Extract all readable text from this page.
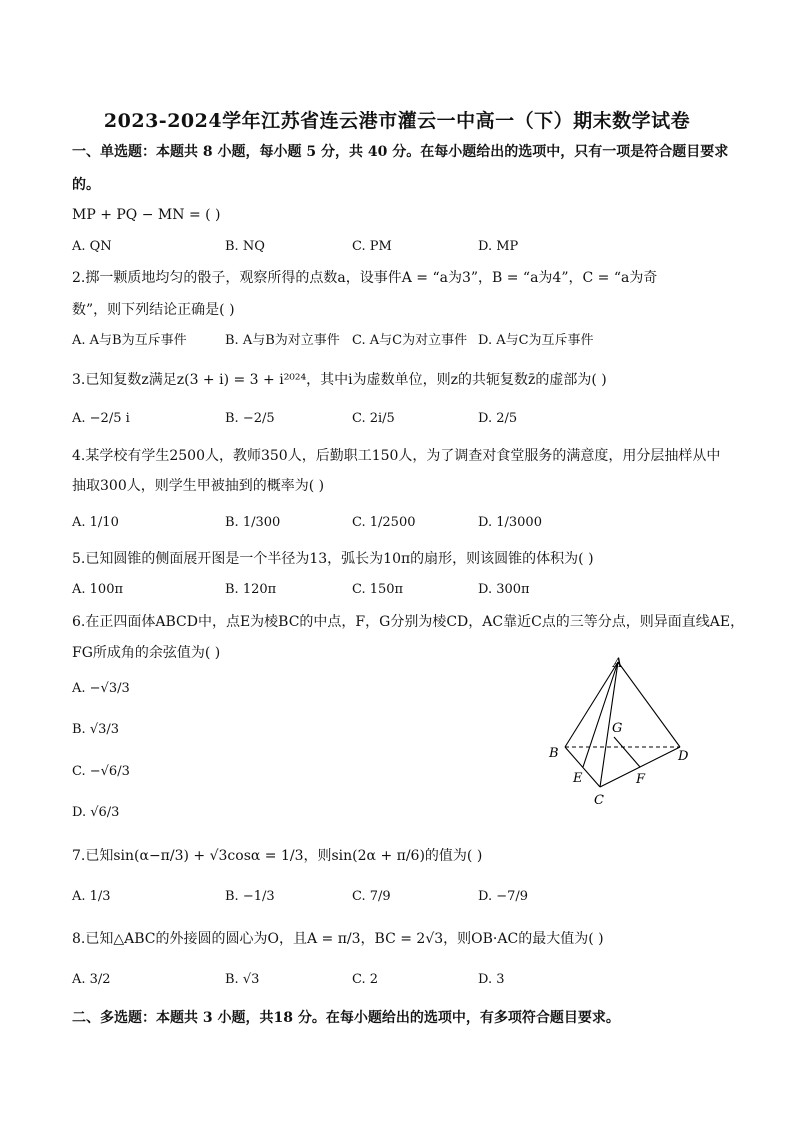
2023-2024学年江苏省连云港市灌云一中高一（下）期末数学试卷
一、单选题：本题共 8 小题，每小题 5 分，共 40 分。在每小题给出的选项中，只有一项是符合题目要求
的。
MP + PQ − MN = ( )
A. QN	B. NQ	C. PM	D. MP
2.掷一颗质地均匀的骰子，观察所得的点数a，设事件A = “a为3”，B = “a为4”，C = “a为奇
数”，则下列结论正确是( )
A. A与B为互斥事件	B. A与B为对立事件 C. A与C为对立事件 D. A与C为互斥事件
3.已知复数z满足z(3 + i) = 3 + i²⁰²⁴，其中i为虚数单位，则z的共轭复数z̄的虚部为( )
A. −2/5 i	B. −2/5	C. 2i/5	D. 2/5
4.某学校有学生2500人，教师350人，后勤职工150人，为了调查对食堂服务的满意度，用分层抽样从中
抽取300人，则学生甲被抽到的概率为( )
A. 1/10	B. 1/300	C. 1/2500	D. 1/3000
5.已知圆锥的侧面展开图是一个半径为13，弧长为10π的扇形，则该圆锥的体积为( )
A. 100π	B. 120π	C. 150π	D. 300π
6.在正四面体ABCD中，点E为棱BC的中点，F，G分别为棱CD，AC靠近C点的三等分点，则异面直线AE，
FG所成角的余弦值为( )
A. −√3/3
B. √3/3
C. −√6/3
D. √6/3
A
B
C
D
E	F
G
7.已知sin(α−π/3) + √3cosα = 1/3，则sin(2α + π/6)的值为( )
A. 1/3	B. −1/3	C. 7/9	D. −7/9
8.已知△ABC的外接圆的圆心为O，且A = π/3，BC = 2√3，则OB·AC的最大值为( )
A. 3/2	B. √3	C. 2	D. 3
二、多选题：本题共 3 小题，共18 分。在每小题给出的选项中，有多项符合题目要求。
